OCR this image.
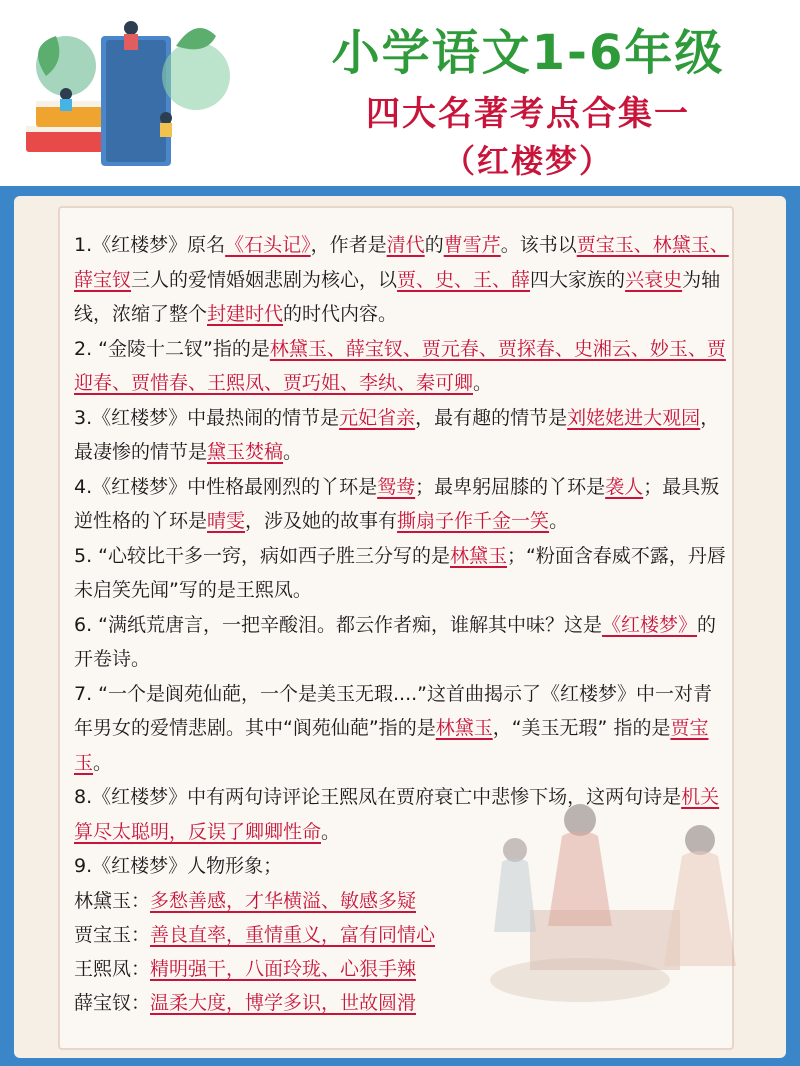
小学语文1-6年级
四大名著考点合集一
（红楼梦）
1.《红楼梦》原名《石头记》，作者是清代的曹雪芹。该书以贾宝玉、林黛玉、薛宝钗三人的爱情婚姻悲剧为核心，以贾、史、王、薛四大家族的兴衰史为轴线，浓缩了整个封建时代的时代内容。
2. “金陵十二钗”指的是林黛玉、薛宝钗、贾元春、贾探春、史湘云、妙玉、贾迎春、贾惜春、王熙凤、贾巧姐、李纨、秦可卿。
3.《红楼梦》中最热闹的情节是元妃省亲，最有趣的情节是刘姥姥进大观园，最凄惨的情节是黛玉焚稿。
4.《红楼梦》中性格最刚烈的丫环是鸳鸯；最卑躬屈膝的丫环是袭人；最具叛逆性格的丫环是晴雯，涉及她的故事有撕扇子作千金一笑。
5. “心较比干多一窍，病如西子胜三分写的是林黛玉；“粉面含春威不露，丹唇未启笑先闻”写的是王熙凤。
6. “满纸荒唐言，一把辛酸泪。都云作者痴，谁解其中味？这是《红楼梦》的开卷诗。
7. “一个是阆苑仙葩，一个是美玉无瑕....”这首曲揭示了《红楼梦》中一对青年男女的爱情悲剧。其中“阆苑仙葩”指的是林黛玉，“美玉无瑕” 指的是贾宝玉。
8.《红楼梦》中有两句诗评论王熙凤在贾府衰亡中悲惨下场，这两句诗是机关算尽太聪明，反误了卿卿性命。
9.《红楼梦》人物形象；
林黛玉：多愁善感，才华横溢、敏感多疑
贾宝玉：善良直率，重情重义，富有同情心
王熙凤：精明强干，八面玲珑、心狠手辣
薛宝钗：温柔大度，博学多识，世故圆滑
